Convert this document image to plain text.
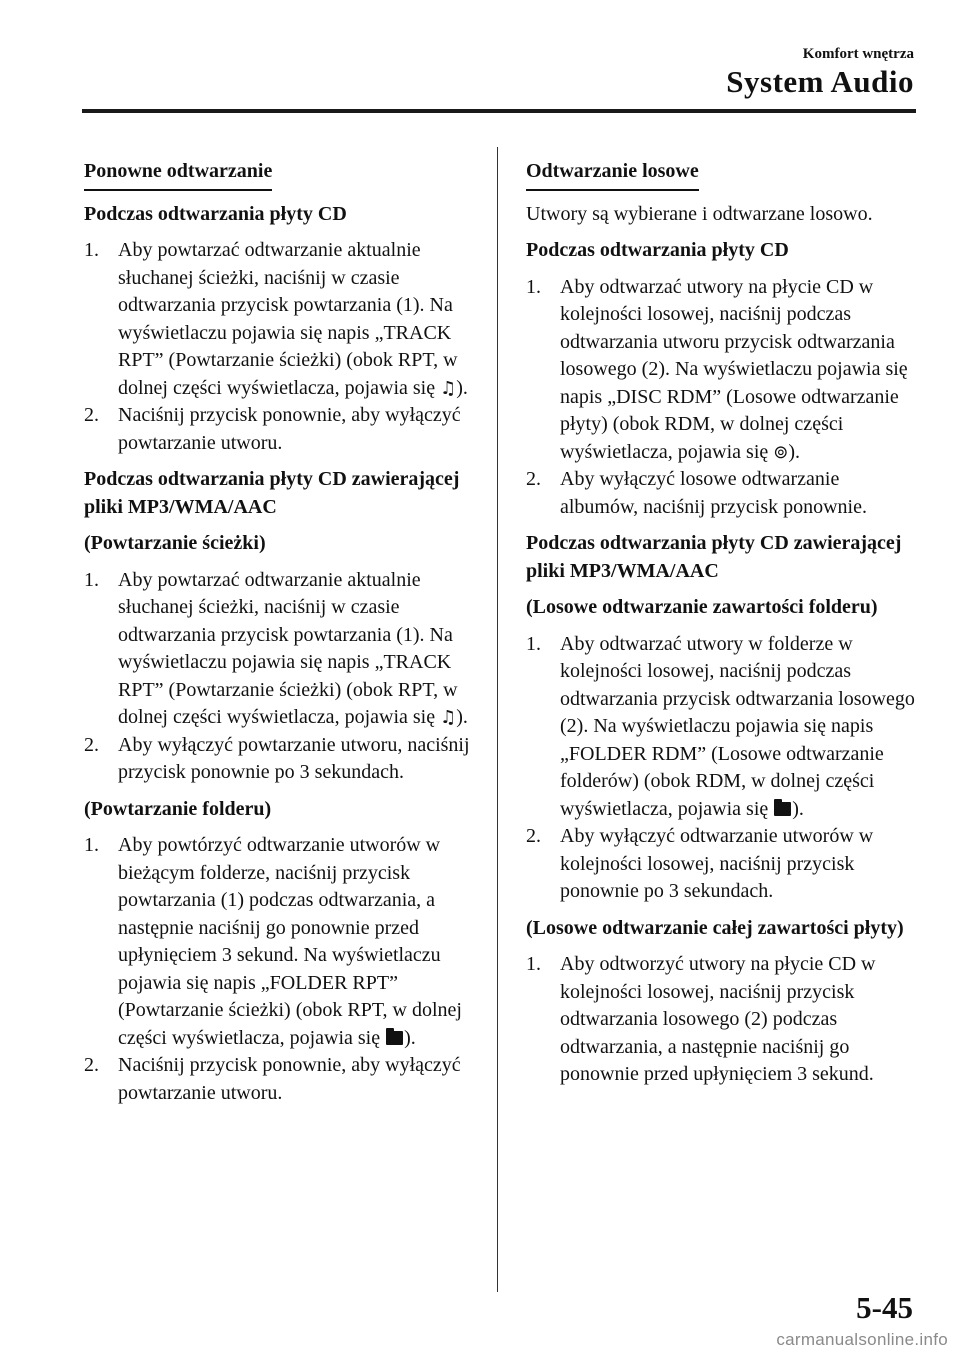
Komfort wnętrza
System Audio
Ponowne odtwarzanie
Podczas odtwarzania płyty CD
1. Aby powtarzać odtwarzanie aktualnie słuchanej ścieżki, naciśnij w czasie odtwarzania przycisk powtarzania (1). Na wyświetlaczu pojawia się napis „TRACK RPT” (Powtarzanie ścieżki) (obok RPT, w dolnej części wyświetlacza, pojawia się ♫).
2. Naciśnij przycisk ponownie, aby wyłączyć powtarzanie utworu.
Podczas odtwarzania płyty CD zawierającej pliki MP3/WMA/AAC
(Powtarzanie ścieżki)
1. Aby powtarzać odtwarzanie aktualnie słuchanej ścieżki, naciśnij w czasie odtwarzania przycisk powtarzania (1). Na wyświetlaczu pojawia się napis „TRACK RPT” (Powtarzanie ścieżki) (obok RPT, w dolnej części wyświetlacza, pojawia się ♫).
2. Aby wyłączyć powtarzanie utworu, naciśnij przycisk ponownie po 3 sekundach.
(Powtarzanie folderu)
1. Aby powtórzyć odtwarzanie utworów w bieżącym folderze, naciśnij przycisk powtarzania (1) podczas odtwarzania, a następnie naciśnij go ponownie przed upłynięciem 3 sekund. Na wyświetlaczu pojawia się napis „FOLDER RPT” (Powtarzanie ścieżki) (obok RPT, w dolnej części wyświetlacza, pojawia się ).
2. Naciśnij przycisk ponownie, aby wyłączyć powtarzanie utworu.
Odtwarzanie losowe
Utwory są wybierane i odtwarzane losowo.
Podczas odtwarzania płyty CD
1. Aby odtwarzać utwory na płycie CD w kolejności losowej, naciśnij podczas odtwarzania utworu przycisk odtwarzania losowego (2). Na wyświetlaczu pojawia się napis „DISC RDM” (Losowe odtwarzanie płyty) (obok RDM, w dolnej części wyświetlacza, pojawia się ⊚).
2. Aby wyłączyć losowe odtwarzanie albumów, naciśnij przycisk ponownie.
Podczas odtwarzania płyty CD zawierającej pliki MP3/WMA/AAC
(Losowe odtwarzanie zawartości folderu)
1. Aby odtwarzać utwory w folderze w kolejności losowej, naciśnij podczas odtwarzania przycisk odtwarzania losowego (2). Na wyświetlaczu pojawia się napis „FOLDER RDM” (Losowe odtwarzanie folderów) (obok RDM, w dolnej części wyświetlacza, pojawia się ).
2. Aby wyłączyć odtwarzanie utworów w kolejności losowej, naciśnij przycisk ponownie po 3 sekundach.
(Losowe odtwarzanie całej zawartości płyty)
1. Aby odtworzyć utwory na płycie CD w kolejności losowej, naciśnij przycisk odtwarzania losowego (2) podczas odtwarzania, a następnie naciśnij go ponownie przed upłynięciem 3 sekund.
5-45
carmanualsonline.info
